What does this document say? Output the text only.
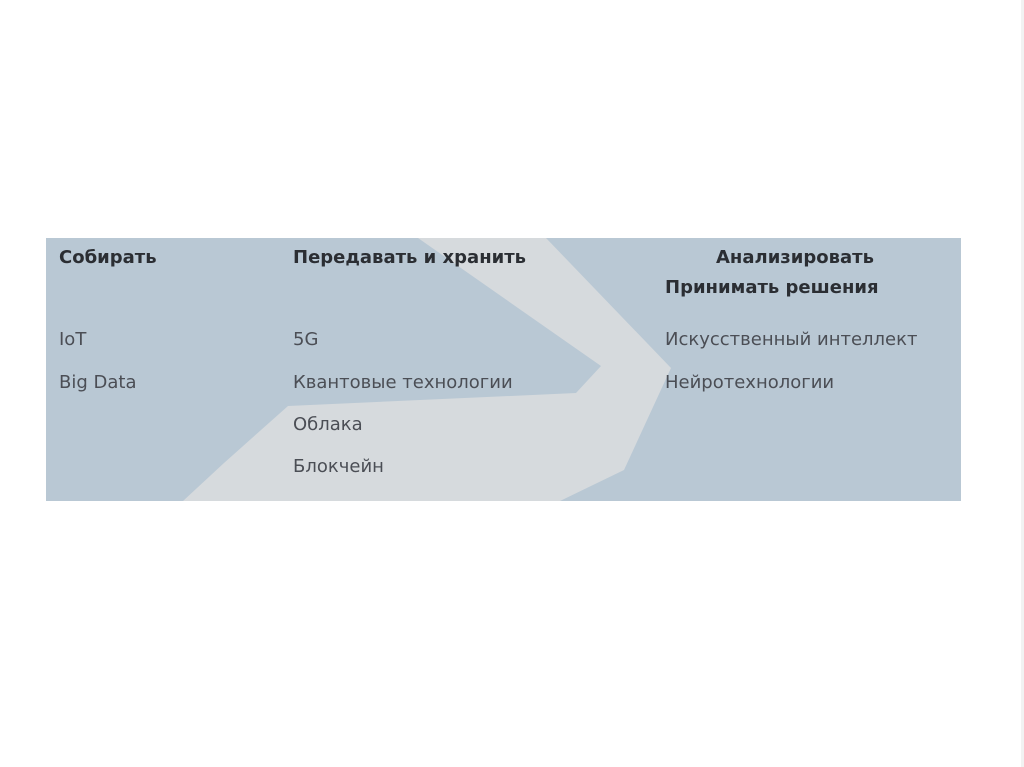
Собирать
IoT
Big Data
Передавать и хранить
5G
Квантовые технологии
Облака
Блокчейн
Анализировать
Принимать решения
Искусственный интеллект
Нейротехнологии
